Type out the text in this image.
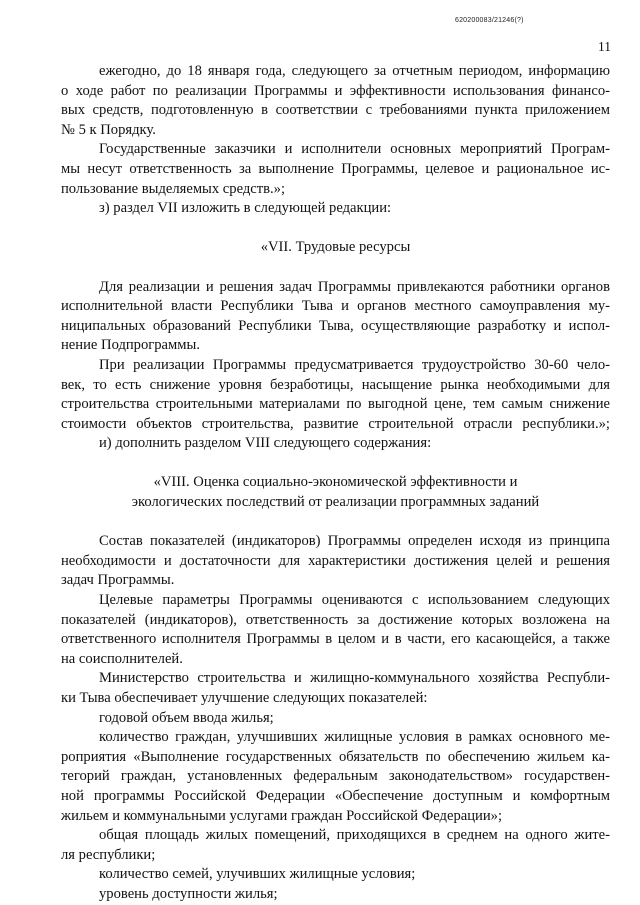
620200083/21246(?)
11
ежегодно, до 18 января года, следующего за отчетным периодом, информацию
о ходе работ по реализации Программы и эффективности использования финансо-
вых средств, подготовленную в соответствии с требованиями пункта приложением
№ 5 к Порядку.
Государственные заказчики и исполнители основных мероприятий Програм-
мы несут ответственность за выполнение Программы, целевое и рациональное ис-
пользование выделяемых средств.»;
з) раздел VII изложить в следующей редакции:
«VII. Трудовые ресурсы
Для реализации и решения задач Программы привлекаются работники органов
исполнительной власти Республики Тыва и органов местного самоуправления му-
ниципальных образований Республики Тыва, осуществляющие разработку и испол-
нение Подпрограммы.
При реализации Программы предусматривается трудоустройство 30-60 чело-
век, то есть снижение уровня безработицы, насыщение рынка необходимыми для
строительства строительными материалами по выгодной цене, тем самым снижение
стоимости объектов строительства, развитие строительной отрасли республики.»;
и) дополнить разделом VIII следующего содержания:
«VIII. Оценка социально-экономической эффективности и
экологических последствий от реализации программных заданий
Состав показателей (индикаторов) Программы определен исходя из принципа
необходимости и достаточности для характеристики достижения целей и решения
задач Программы.
Целевые параметры Программы оцениваются с использованием следующих
показателей (индикаторов), ответственность за достижение которых возложена на
ответственного исполнителя Программы в целом и в части, его касающейся, а также
на соисполнителей.
Министерство строительства и жилищно-коммунального хозяйства Республи-
ки Тыва обеспечивает улучшение следующих показателей:
годовой объем ввода жилья;
количество граждан, улучшивших жилищные условия в рамках основного ме-
роприятия «Выполнение государственных обязательств по обеспечению жильем ка-
тегорий граждан, установленных федеральным законодательством» государствен-
ной программы Российской Федерации «Обеспечение доступным и комфортным
жильем и коммунальными услугами граждан Российской Федерации»;
общая площадь жилых помещений, приходящихся в среднем на одного жите-
ля республики;
количество семей, улучивших жилищные условия;
уровень доступности жилья;
